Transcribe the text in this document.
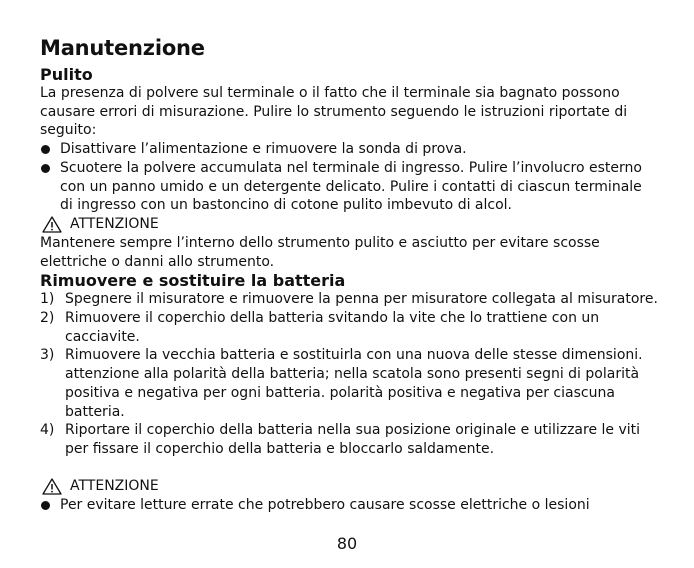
Manutenzione
Pulito

La presenza di polvere sul terminale o il fatto che il terminale sia bagnato possono causare errori di misurazione. Pulire lo strumento seguendo le istruzioni riportate di seguito:

Disattivare l’alimentazione e rimuovere la sonda di prova.
Scuotere la polvere accumulata nel terminale di ingresso. Pulire l’involucro esterno con un panno umido e un detergente delicato. Pulire i contatti di ciascun terminale di ingresso con un bastoncino di cotone pulito imbevuto di alcol.
ATTENZIONE

Mantenere sempre l’interno dello strumento pulito e asciutto per evitare scosse elettriche o danni allo strumento.

Rimuovere e sostituire la batteria
1) Spegnere il misuratore e rimuovere la penna per misuratore collegata al misuratore.
2) Rimuovere il coperchio della batteria svitando la vite che lo trattiene con un cacciavite.
3) Rimuovere la vecchia batteria e sostituirla con una nuova delle stesse dimensioni. attenzione alla polarità della batteria; nella scatola sono presenti segni di polarità positiva e negativa per ogni batteria. polarità positiva e negativa per ciascuna batteria.
4) Riportare il coperchio della batteria nella sua posizione originale e utilizzare le viti per fissare il coperchio della batteria e bloccarlo saldamente.
ATTENZIONE
Per evitare letture errate che potrebbero causare scosse elettriche o lesioni
80
